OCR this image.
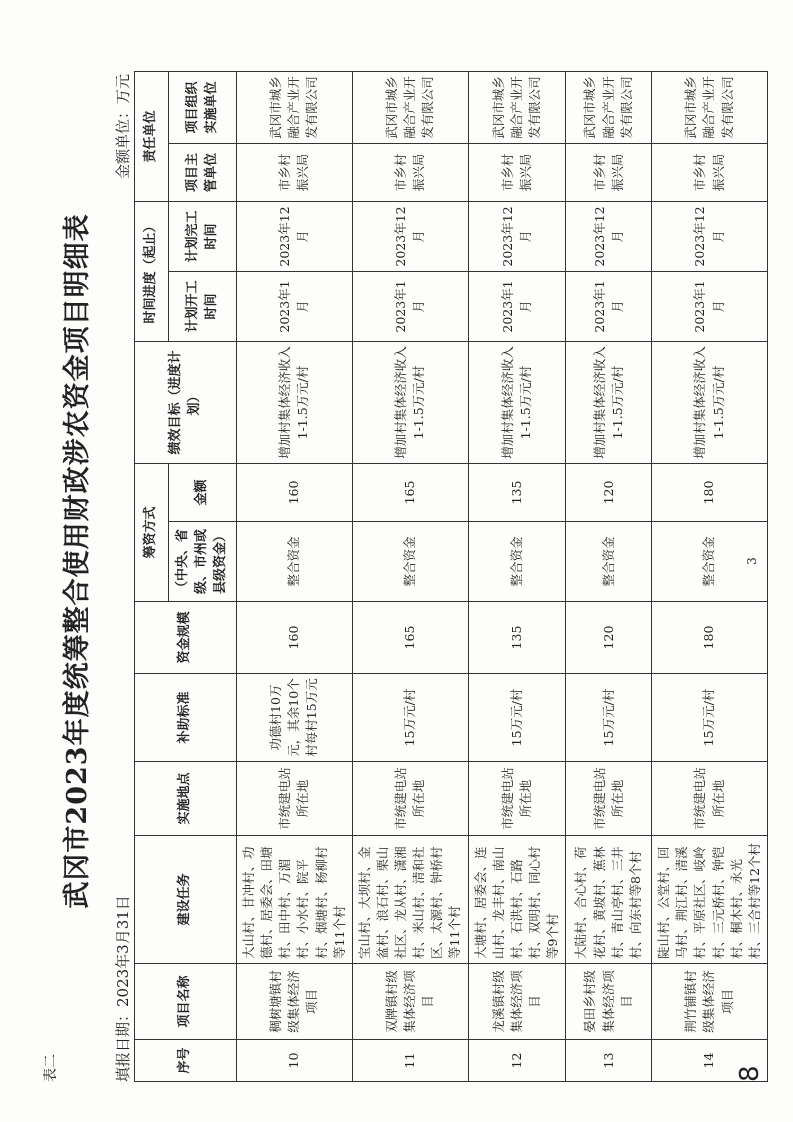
表二
武冈市2023年度统筹整合使用财政涉农资金项目明细表
填报日期：2023年3月31日
金额单位：万元
序号	项目名称	建设任务	实施地点	补助标准	资金规模	筹资方式		绩效目标（进度计划）	时间进度（起止）		责任单位	
						（中央、省级、市州或县级资金）	金额		计划开工时间	计划完工时间	项目主管单位	项目组织实施单位
10	稠树塘镇村级集体经济项目	大山村、甘冲村、功德村、居委会、田塘村、田中村、万湄村、小水村、院平村、烟塘村、杨柳村等11个村	市统建电站所在地	功德村10万元，其余10个村每村15万元	160	整合资金	160	增加村集体经济收入1-1.5万元/村	2023年1月	2023年12月	市乡村振兴局	武冈市城乡融合产业开发有限公司
11	双牌镇村级集体经济项目	宝山村、大坝村、金盆村、浪石村、栗山社区、龙从村、潇湘村、米山村、清和社区、太源村、钟桥村等11个村	市统建电站所在地	15万元/村	165	整合资金	165	增加村集体经济收入1-1.5万元/村	2023年1月	2023年12月	市乡村振兴局	武冈市城乡融合产业开发有限公司
12	龙溪镇村级集体经济项目	大塘村、居委会、连山村、龙丰村、南山村、石洪村、石路村、双明村、同心村等9个村	市统建电站所在地	15万元/村	135	整合资金	135	增加村集体经济收入1-1.5万元/村	2023年1月	2023年12月	市乡村振兴局	武冈市城乡融合产业开发有限公司
13	晏田乡村级集体经济项目	大陆村、合心村、荷花村、黄坡村、蕉林村、青山亭村、三井村、向东村等8个村	市统建电站所在地	15万元/村	120	整合资金	120	增加村集体经济收入1-1.5万元/村	2023年1月	2023年12月	市乡村振兴局	武冈市城乡融合产业开发有限公司
14	荆竹铺镇村级集体经济项目	陡山村、公堂村、回马村、荆江村、清溪村、平原社区、岐岭村、三元桥村、钟铠村、桐木村、永光村、三合村等12个村	市统建电站所在地	15万元/村	180	整合资金	180	增加村集体经济收入1-1.5万元/村	2023年1月	2023年12月	市乡村振兴局	武冈市城乡融合产业开发有限公司
3
8
